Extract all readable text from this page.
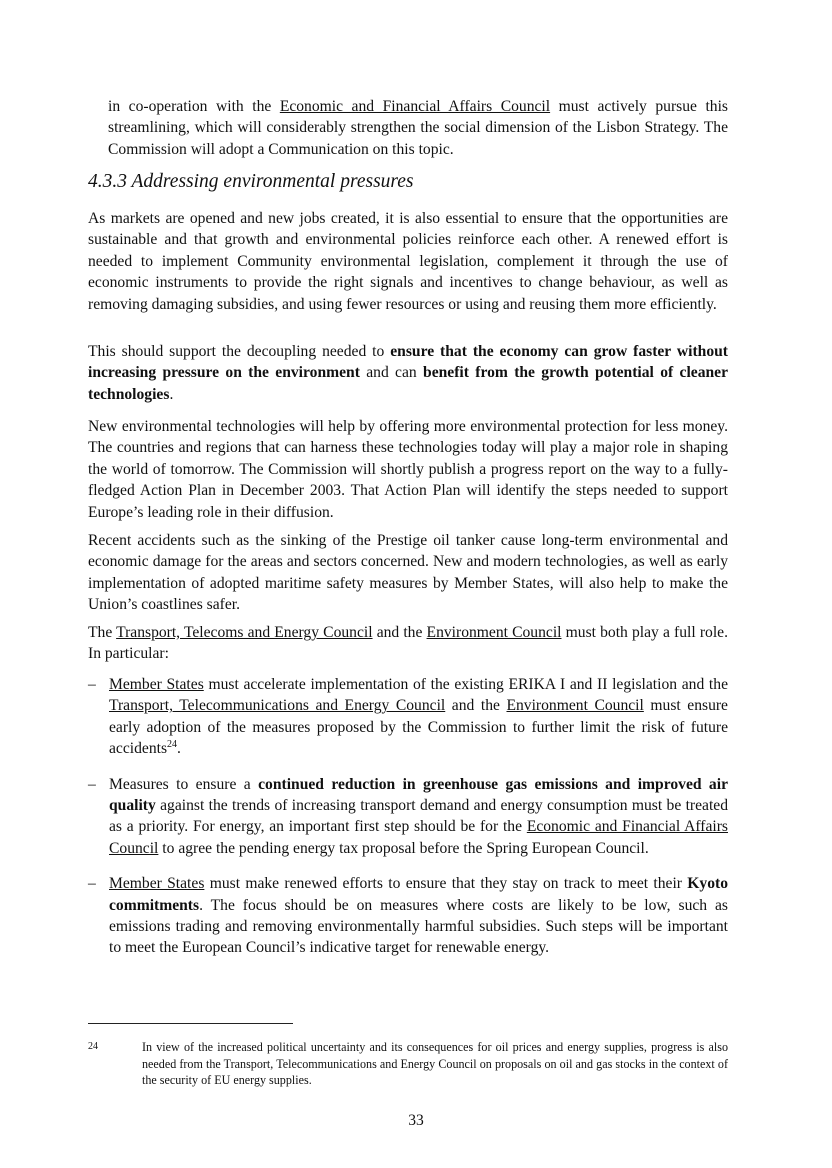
in co-operation with the Economic and Financial Affairs Council must actively pursue this streamlining, which will considerably strengthen the social dimension of the Lisbon Strategy. The Commission will adopt a Communication on this topic.
4.3.3 Addressing environmental pressures
As markets are opened and new jobs created, it is also essential to ensure that the opportunities are sustainable and that growth and environmental policies reinforce each other. A renewed effort is needed to implement Community environmental legislation, complement it through the use of economic instruments to provide the right signals and incentives to change behaviour, as well as removing damaging subsidies, and using fewer resources or using and reusing them more efficiently.
This should support the decoupling needed to ensure that the economy can grow faster without increasing pressure on the environment and can benefit from the growth potential of cleaner technologies.
New environmental technologies will help by offering more environmental protection for less money. The countries and regions that can harness these technologies today will play a major role in shaping the world of tomorrow. The Commission will shortly publish a progress report on the way to a fully-fledged Action Plan in December 2003. That Action Plan will identify the steps needed to support Europe’s leading role in their diffusion.
Recent accidents such as the sinking of the Prestige oil tanker cause long-term environmental and economic damage for the areas and sectors concerned. New and modern technologies, as well as early implementation of adopted maritime safety measures by Member States, will also help to make the Union’s coastlines safer.
The Transport, Telecoms and Energy Council and the Environment Council must both play a full role. In particular:
– Member States must accelerate implementation of the existing ERIKA I and II legislation and the Transport, Telecommunications and Energy Council and the Environment Council must ensure early adoption of the measures proposed by the Commission to further limit the risk of future accidents$^{24}$.
– Measures to ensure a continued reduction in greenhouse gas emissions and improved air quality against the trends of increasing transport demand and energy consumption must be treated as a priority. For energy, an important first step should be for the Economic and Financial Affairs Council to agree the pending energy tax proposal before the Spring European Council.
– Member States must make renewed efforts to ensure that they stay on track to meet their Kyoto commitments. The focus should be on measures where costs are likely to be low, such as emissions trading and removing environmentally harmful subsidies. Such steps will be important to meet the European Council’s indicative target for renewable energy.
24	In view of the increased political uncertainty and its consequences for oil prices and energy supplies, progress is also needed from the Transport, Telecommunications and Energy Council on proposals on oil and gas stocks in the context of the security of EU energy supplies.
33
